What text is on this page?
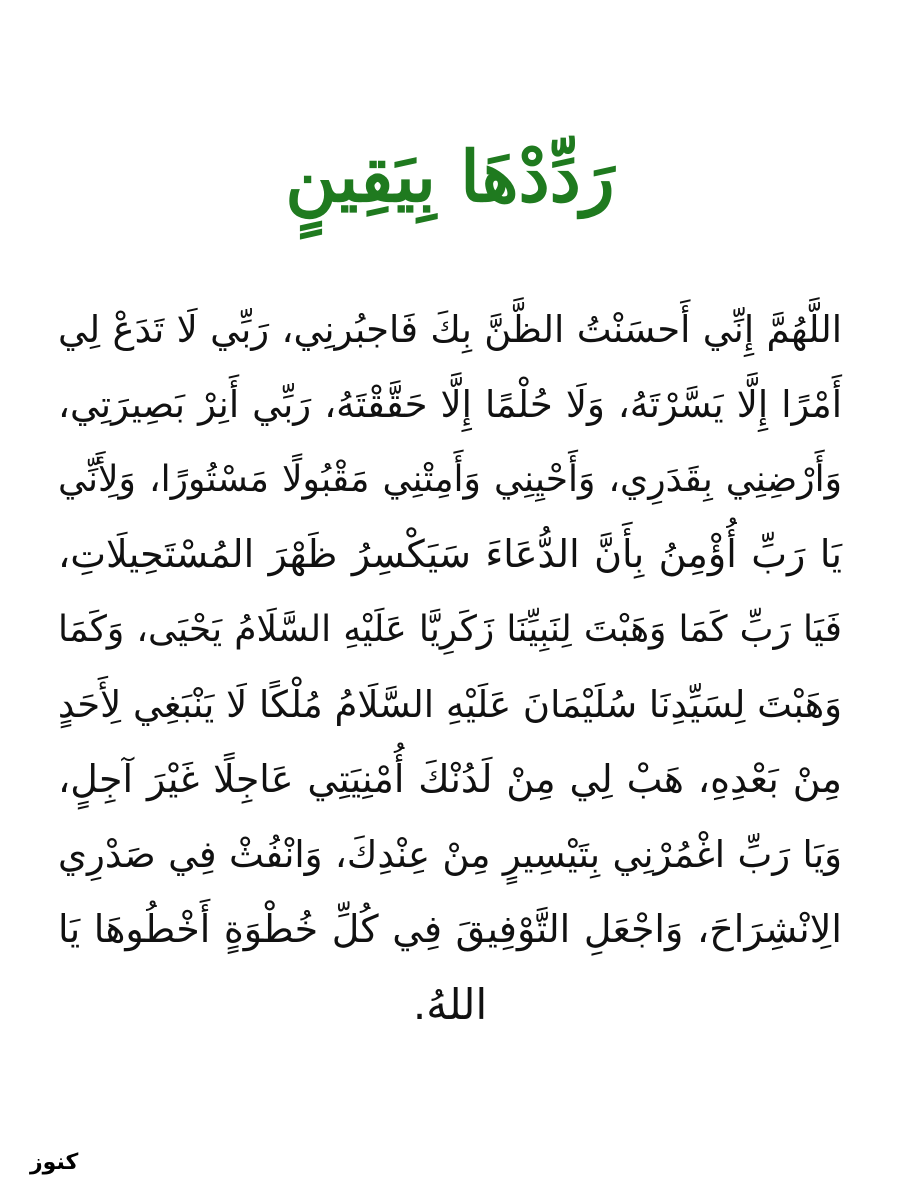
رَدِّدْهَا بِيَقِينٍ
اللَّهُمَّ إِنِّي أَحسَنْتُ الظَّنَّ بِكَ فَاجبُرنِي، رَبِّي لَا تَدَعْ لِي
أَمْرًا إِلَّا يَسَّرْتَهُ، وَلَا حُلْمًا إِلَّا حَقَّقْتَهُ، رَبِّي أَنِرْ بَصِيرَتِي،
وَأَرْضِنِي بِقَدَرِي، وَأَحْيِنِي وَأَمِتْنِي مَقْبُولًا مَسْتُورًا، وَلِأَنِّي
يَا رَبِّ أُؤْمِنُ بِأَنَّ الدُّعَاءَ سَيَكْسِرُ ظَهْرَ المُسْتَحِيلَاتِ،
فَيَا رَبِّ كَمَا وَهَبْتَ لِنَبِيِّنَا زَكَرِيَّا عَلَيْهِ السَّلَامُ يَحْيَى، وَكَمَا
وَهَبْتَ لِسَيِّدِنَا سُلَيْمَانَ عَلَيْهِ السَّلَامُ مُلْكًا لَا يَنْبَغِي لِأَحَدٍ
مِنْ بَعْدِهِ، هَبْ لِي مِنْ لَدُنْكَ أُمْنِيَتِي عَاجِلًا غَيْرَ آجِلٍ،
وَيَا رَبِّ اغْمُرْنِي بِتَيْسِيرٍ مِنْ عِنْدِكَ، وَانْفُثْ فِي صَدْرِي
الِانْشِرَاحَ، وَاجْعَلِ التَّوْفِيقَ فِي كُلِّ خُطْوَةٍ أَخْطُوهَا يَا
اللهُ.
كنوز
